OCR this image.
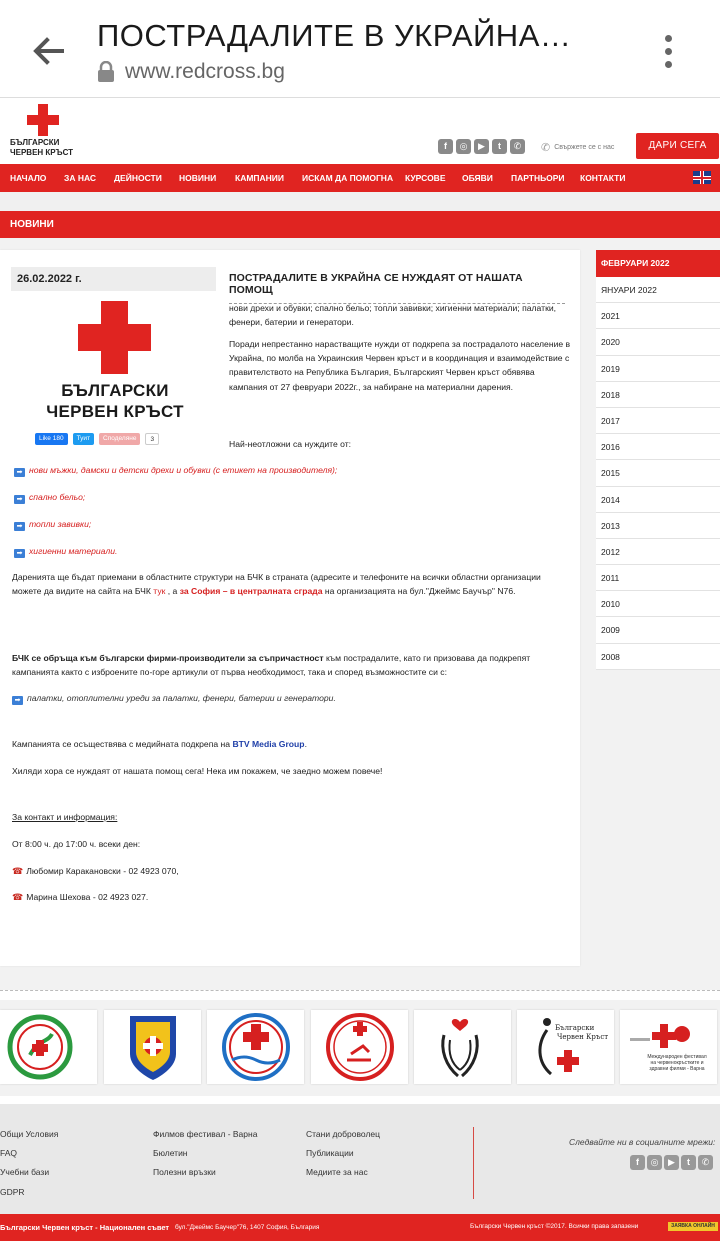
ПОСТРАДАЛИТЕ В УКРАЙНА…
www.redcross.bg
БЪЛГАРСКИ
ЧЕРВЕН КРЪСТ
f	◎	▶	t	✆	✆ Свържете се с нас	ДАРИ СЕГА
НАЧАЛО ЗА НАС ДЕЙНОСТИ НОВИНИ КАМПАНИИ ИСКАМ ДА ПОМОГНА КУРСОВЕ ОБЯВИ ПАРТНЬОРИ КОНТАКТИ
НОВИНИ
26.02.2022 г.
БЪЛГАРСКИ
ЧЕРВЕН КРЪСТ
Like 180	Туит	Споделяне	3
ПОСТРАДАЛИТЕ В УКРАЙНА СЕ НУЖДАЯТ ОТ НАШАТА ПОМОЩ
нови дрехи и обувки; спално бельо; топли завивки; хигиенни материали; палатки, фенери, батерии и генератори.
Поради непрестанно нарастващите нужди от подкрепа за пострадалото население в Украйна, по молба на Украинския Червен кръст и в координация и взаимодействие с правителството на Република България, Българският Червен кръст обявява кампания от 27 февруари 2022г., за набиране на материални дарения.
Най-неотложни са нуждите от:
➡ нови мъжки, дамски и детски дрехи и обувки (с етикет на производителя);
➡ спално бельо;
➡ топли завивки;
➡ хигиенни материали.
Даренията ще бъдат приемани в областните структури на БЧК в страната (адресите и телефоните на всички областни организации можете да видите на сайта на БЧК тук , а за София – в централната сграда на организацията на бул."Джеймс Баучър" N76.
БЧК се обръща към български фирми-производители за съпричастност към пострадалите, като ги призовава да подкрепят кампанията както с изброените по-горе артикули от първа необходимост, така и според възможностите си с:
➡ палатки, отоплителни уреди за палатки, фенери, батерии и генератори.
Кампанията се осъществява с медийната подкрепа на BTV Media Group.
Хиляди хора се нуждаят от нашата помощ сега! Нека им покажем, че заедно можем повече!
За контакт и информация:
От 8:00 ч. до 17:00 ч. всеки ден:
☎ Любомир Каракановски - 02 4923 070,
☎ Марина Шехова - 02 4923 027.
ФЕВРУАРИ 2022
ЯНУАРИ 2022
2021
2020
2019
2018
2017
2016
2015
2014
2013
2012
2011
2010
2009
2008
Български
Червен Кръст
Международен фестивал на червенокръстките и здравни филми - Варна
Общи Условия
FAQ
Учебни бази
GDPR
Филмов фестивал - Варна
Бюлетин
Полезни връзки
Стани доброволец
Публикации
Медиите за нас
Следвайте ни в социалните мрежи:
f	◎	▶	t	✆
Български Червен кръст - Национален съвет бул."Джеймс Баучер"76, 1407 София, България	Български Червен кръст ©2017. Всички права запазени	ЗАЯВКА ОНЛАЙН
